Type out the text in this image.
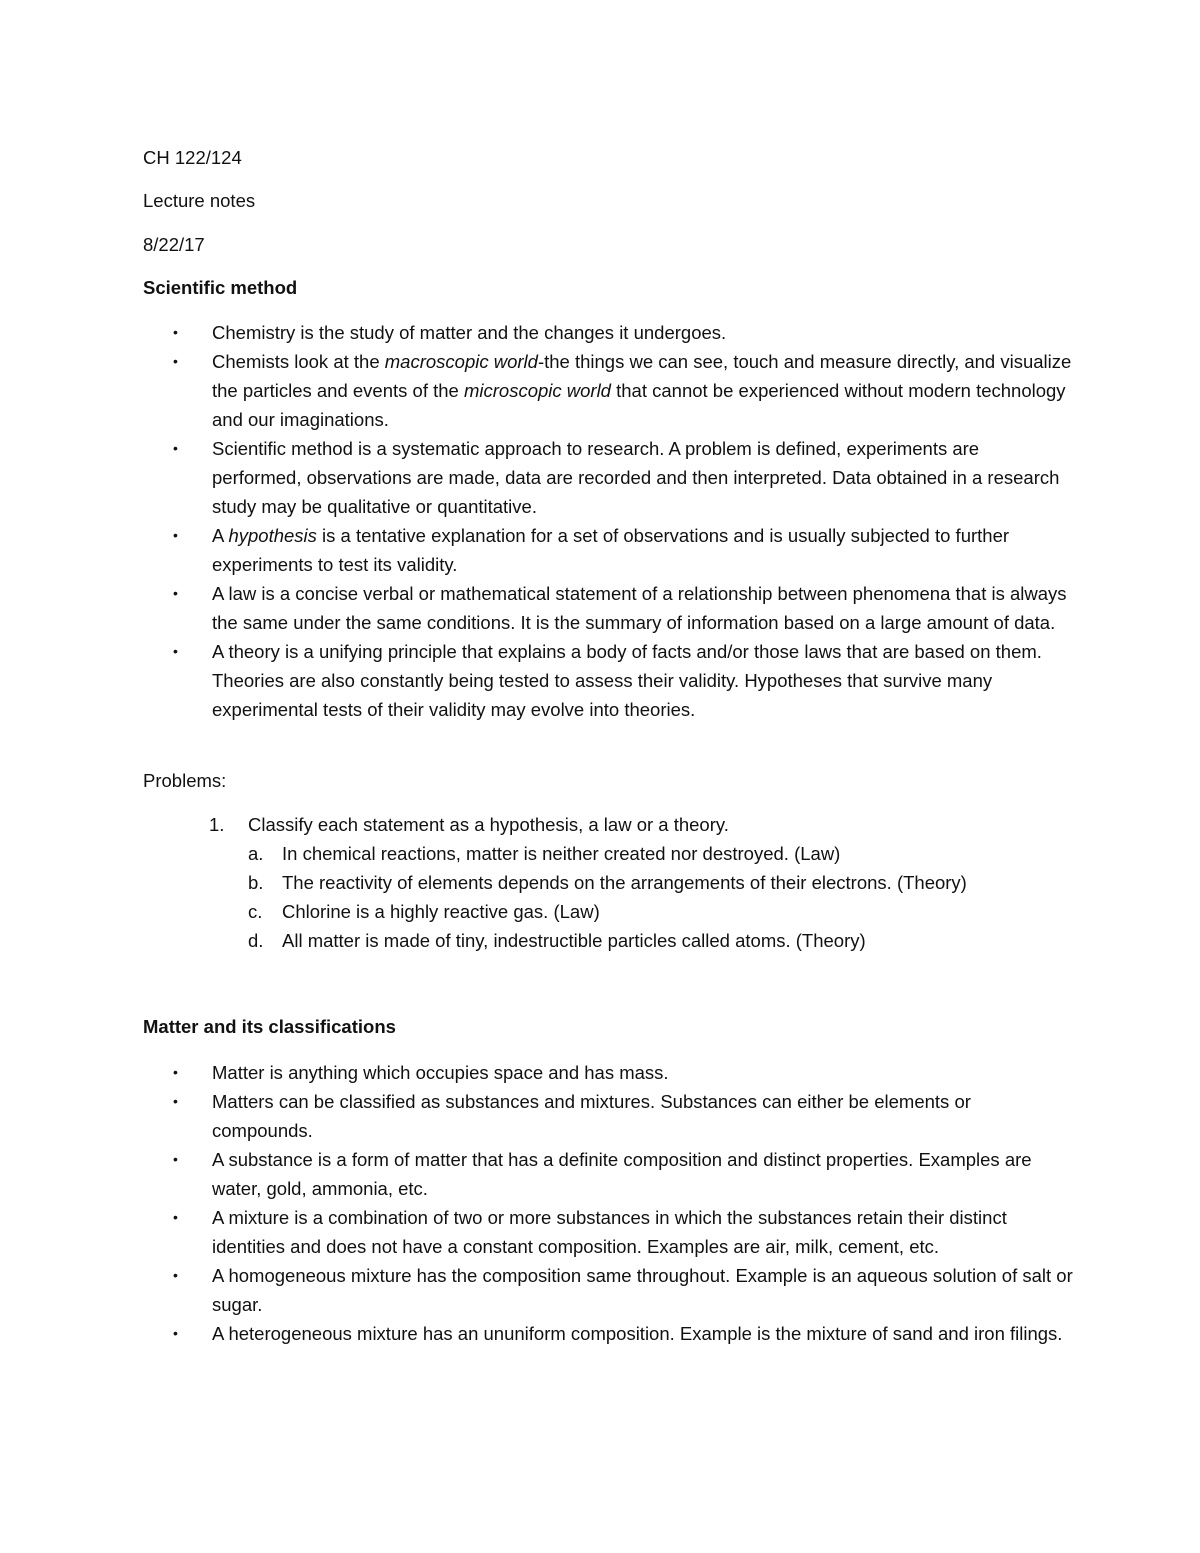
CH 122/124

Lecture notes

8/22/17

Scientific method

• Chemistry is the study of matter and the changes it undergoes.
• Chemists look at the macroscopic world-the things we can see, touch and measure directly, and visualize the particles and events of the microscopic world that cannot be experienced without modern technology and our imaginations.
• Scientific method is a systematic approach to research. A problem is defined, experiments are performed, observations are made, data are recorded and then interpreted. Data obtained in a research study may be qualitative or quantitative.
• A hypothesis is a tentative explanation for a set of observations and is usually subjected to further experiments to test its validity.
• A law is a concise verbal or mathematical statement of a relationship between phenomena that is always the same under the same conditions. It is the summary of information based on a large amount of data.
• A theory is a unifying principle that explains a body of facts and/or those laws that are based on them. Theories are also constantly being tested to assess their validity. Hypotheses that survive many experimental tests of their validity may evolve into theories.

Problems:

1. Classify each statement as a hypothesis, a law or a theory.
a. In chemical reactions, matter is neither created nor destroyed. (Law)
b. The reactivity of elements depends on the arrangements of their electrons. (Theory)
c. Chlorine is a highly reactive gas. (Law)
d. All matter is made of tiny, indestructible particles called atoms. (Theory)

Matter and its classifications

• Matter is anything which occupies space and has mass.
• Matters can be classified as substances and mixtures. Substances can either be elements or compounds.
• A substance is a form of matter that has a definite composition and distinct properties. Examples are water, gold, ammonia, etc.
• A mixture is a combination of two or more substances in which the substances retain their distinct identities and does not have a constant composition. Examples are air, milk, cement, etc.
• A homogeneous mixture has the composition same throughout. Example is an aqueous solution of salt or sugar.
• A heterogeneous mixture has an ununiform composition. Example is the mixture of sand and iron filings.
